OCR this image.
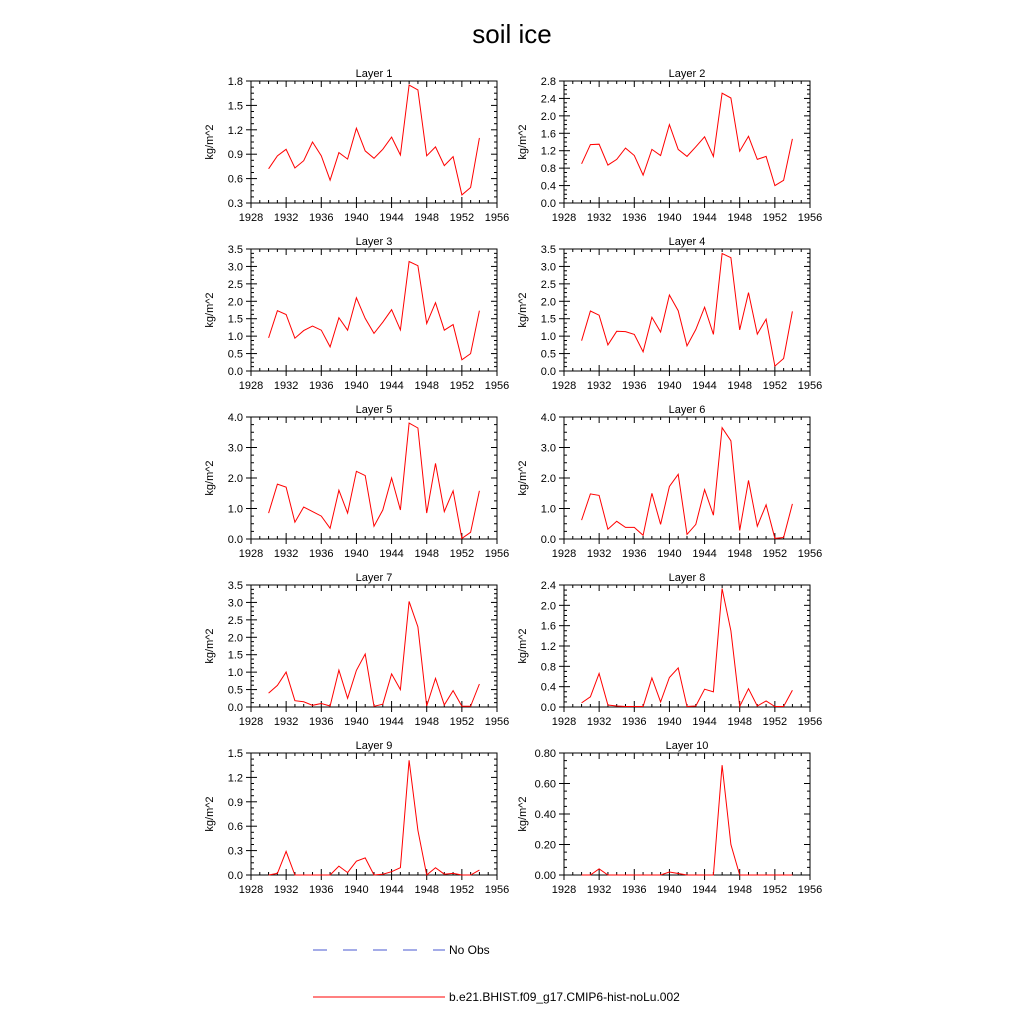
soil ice
Layer 1
kg/m^2
1928 1932 1936 1940 1944 1948 1952 1956
0.3
0.6
0.9
1.2
1.5
1.8
Layer 2
kg/m^2
1928 1932 1936 1940 1944 1948 1952 1956
0.0
0.4
0.8
1.2
1.6
2.0
2.4
2.8
Layer 3
kg/m^2
1928 1932 1936 1940 1944 1948 1952 1956
0.0
0.5
1.0
1.5
2.0
2.5
3.0
3.5
Layer 4
kg/m^2
1928 1932 1936 1940 1944 1948 1952 1956
0.0
0.5
1.0
1.5
2.0
2.5
3.0
3.5
Layer 5
kg/m^2
1928 1932 1936 1940 1944 1948 1952 1956
0.0
1.0
2.0
3.0
4.0
Layer 6
kg/m^2
1928 1932 1936 1940 1944 1948 1952 1956
0.0
1.0
2.0
3.0
4.0
Layer 7
kg/m^2
1928 1932 1936 1940 1944 1948 1952 1956
0.0
0.5
1.0
1.5
2.0
2.5
3.0
3.5
Layer 8
kg/m^2
1928 1932 1936 1940 1944 1948 1952 1956
0.0
0.4
0.8
1.2
1.6
2.0
2.4
Layer 9
kg/m^2
1928 1932 1936 1940 1944 1948 1952 1956
0.0
0.3
0.6
0.9
1.2
1.5
Layer 10
kg/m^2
1928 1932 1936 1940 1944 1948 1952 1956
0.00
0.20
0.40
0.60
0.80
No Obs
b.e21.BHIST.f09_g17.CMIP6-hist-noLu.002
